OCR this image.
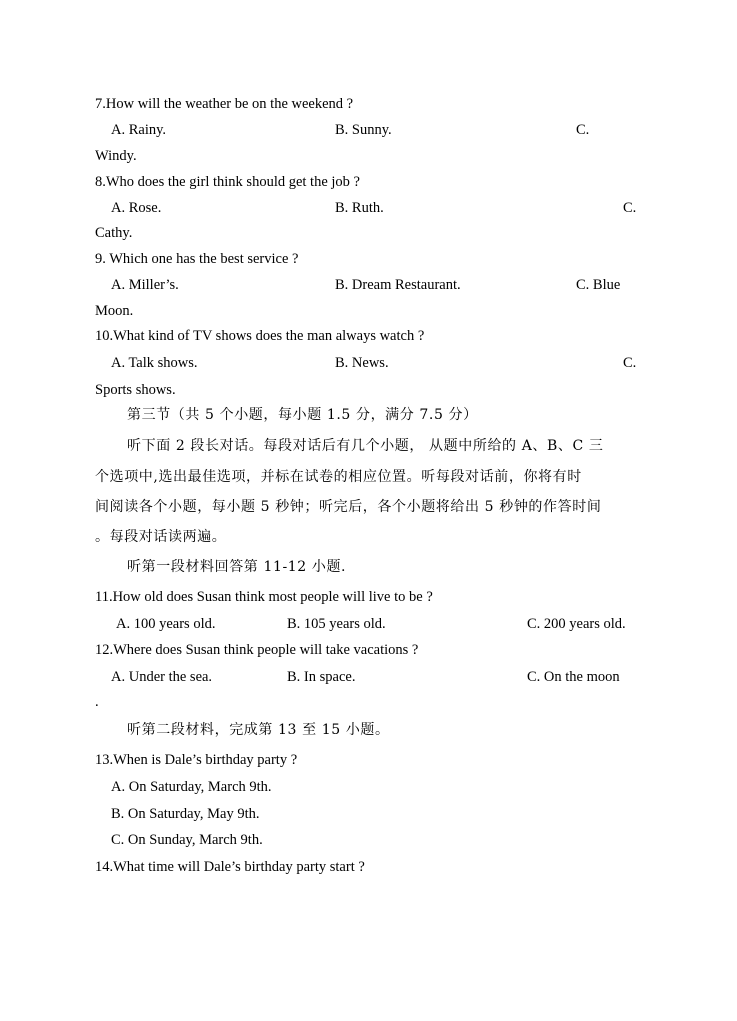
7.How will the weather be on the weekend ?
A. Rainy.	B. Sunny.	C.
Windy.
8.Who does the girl think should get the job ?
A. Rose.	B. Ruth.	C.
Cathy.
9. Which one has the best service ?
A. Miller’s.	B. Dream Restaurant.	C. Blue
Moon.
10.What kind of TV shows does the man always watch ?
A. Talk shows.	B. News.	C.
Sports shows.
第三节（共 5 个小题，每小题 1.5 分，满分 7.5 分）
听下面 2 段长对话。每段对话后有几个小题， 从题中所给的 A、B、C 三
个选项中,选出最佳选项，并标在试卷的相应位置。听每段对话前，你将有时
间阅读各个小题，每小题 5 秒钟；听完后，各个小题将给出 5 秒钟的作答时间
。每段对话读两遍。
听第一段材料回答第 11-12 小题.
11.How old does Susan think most people will live to be ?
A. 100 years old.	B. 105 years old.	C. 200 years old.
12.Where does Susan think people will take vacations ?
A. Under the sea.	B. In space.	C. On the moon
.
听第二段材料，完成第 13 至 15 小题。
13.When is Dale’s birthday party ?
A. On Saturday, March 9th.
B. On Saturday, May 9th.
C. On Sunday, March 9th.
14.What time will Dale’s birthday party start ?
